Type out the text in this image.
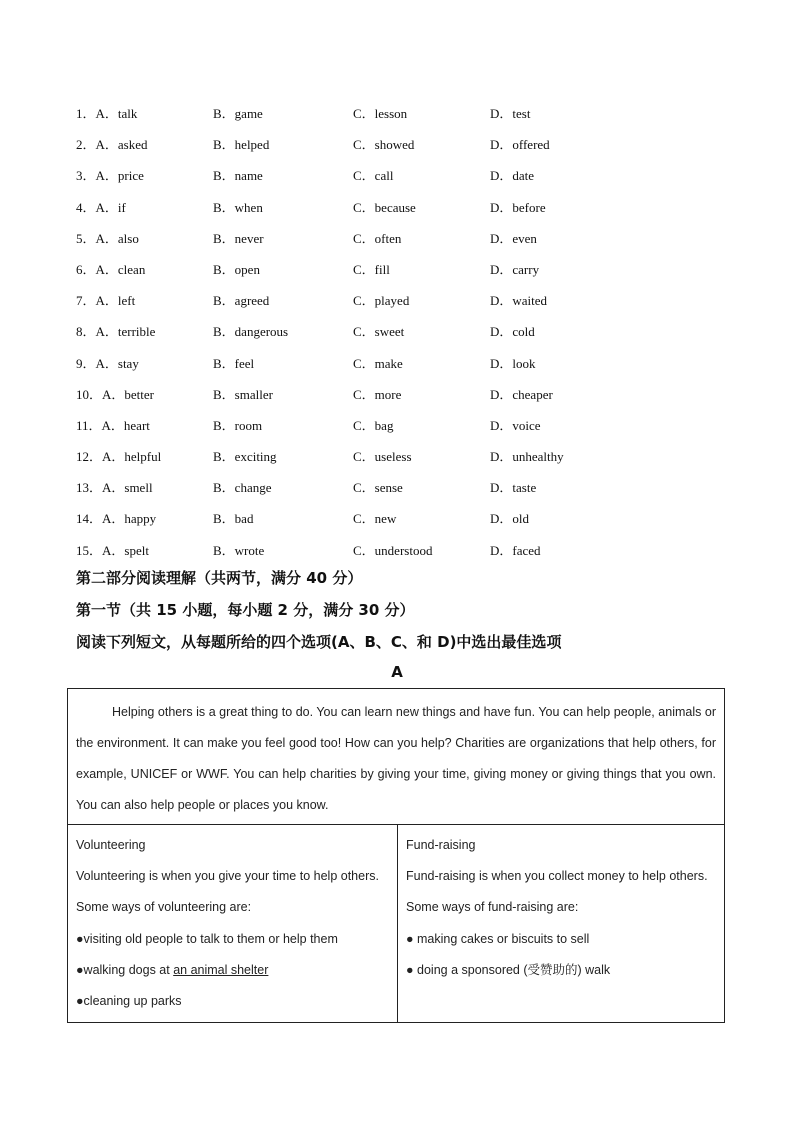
1．A．talk	B．game	C．lesson	D．test
2．A．asked	B．helped	C．showed	D．offered
3．A．price	B．name	C．call	D．date
4．A．if	B．when	C．because	D．before
5．A．also	B．never	C．often	D．even
6．A．clean	B．open	C．fill	D．carry
7．A．left	B．agreed	C．played	D．waited
8．A．terrible	B．dangerous	C．sweet	D．cold
9．A．stay	B．feel	C．make	D．look
10．A．better	B．smaller	C．more	D．cheaper
11．A．heart	B．room	C．bag	D．voice
12．A．helpful	B．exciting	C．useless	D．unhealthy
13．A．smell	B．change	C．sense	D．taste
14．A．happy	B．bad	C．new	D．old
15．A．spelt	B．wrote	C．understood	D．faced
第二部分阅读理解（共两节，满分 40 分）
第一节（共 15 小题，每小题 2 分，满分 30 分）
阅读下列短文，从每题所给的四个选项(A、B、C、和 D)中选出最佳选项
A

Helping others is a great thing to do. You can learn new things and have fun. You can help people, animals or the environment. It can make you feel good too! How can you help? Charities are organizations that help others, for example, UNICEF or WWF. You can help charities by giving your time, giving money or giving things that you own. You can also help people or places you know.

Volunteering
Volunteering is when you give your time to help others.
Some ways of volunteering are:
●visiting old people to talk to them or help them
●walking dogs at an animal shelter
●cleaning up parks
Fund-raising
Fund-raising is when you collect money to help others.
Some ways of fund-raising are:
● making cakes or biscuits to sell
● doing a sponsored (受赞助的) walk
